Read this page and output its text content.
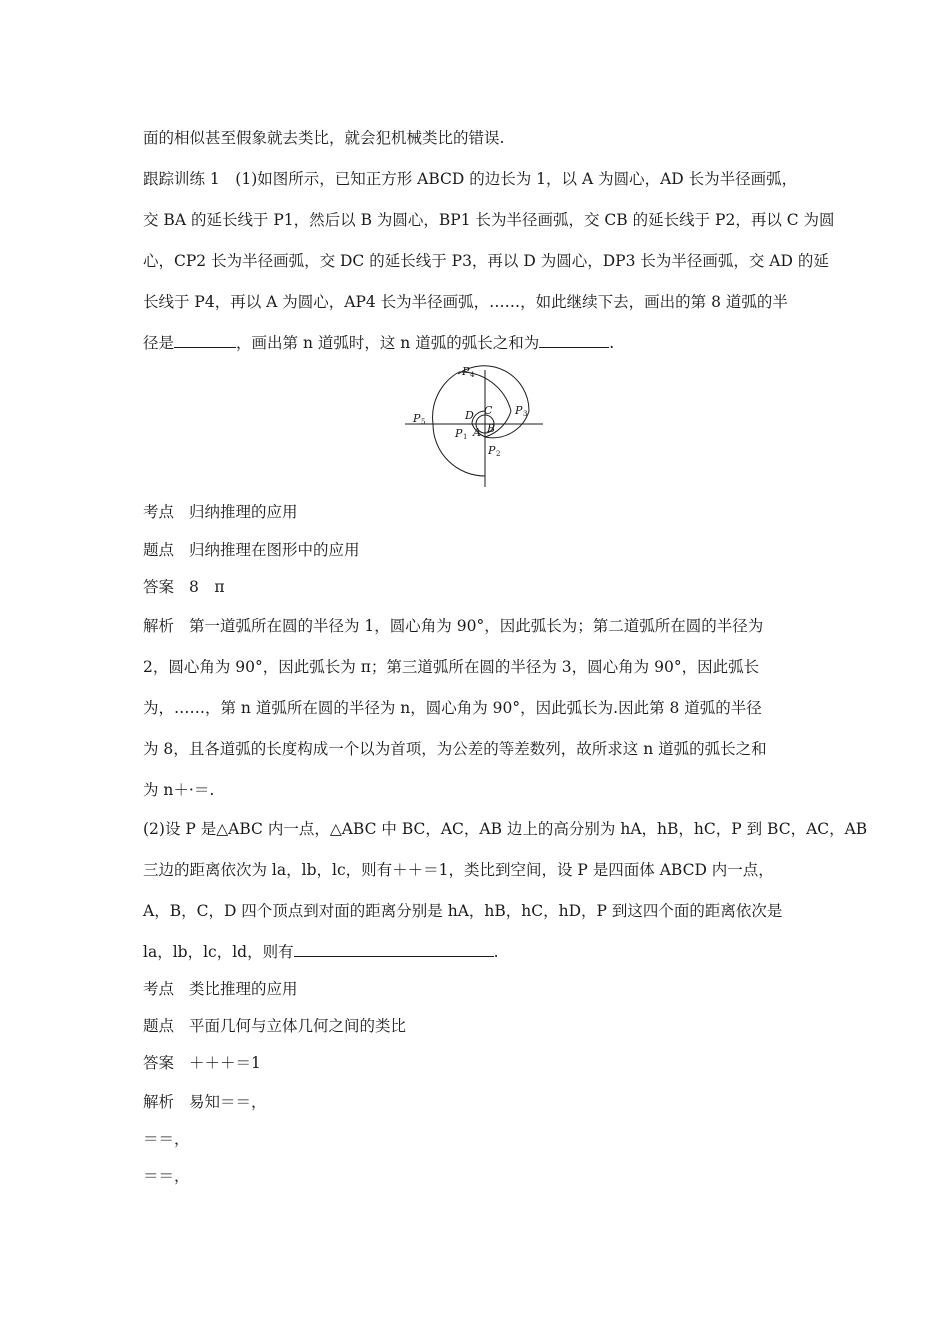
面的相似甚至假象就去类比，就会犯机械类比的错误.
跟踪训练 1　(1)如图所示，已知正方形 ABCD 的边长为 1，以 A 为圆心，AD 长为半径画弧，
交 BA 的延长线于 P1，然后以 B 为圆心，BP1 长为半径画弧，交 CB 的延长线于 P2，再以 C 为圆
心，CP2 长为半径画弧，交 DC 的延长线于 P3，再以 D 为圆心，DP3 长为半径画弧，交 AD 的延
长线于 P4，再以 A 为圆心，AP4 长为半径画弧，……，如此继续下去，画出的第 8 道弧的半
径是	，画出第 n 道弧时，这 n 道弧的弧长之和为	.
P 4
P 3
P 5
P 1
P 2
D C
A B
考点 归纳推理的应用
题点 归纳推理在图形中的应用
答案 8　π
解析 第一道弧所在圆的半径为 1，圆心角为 90°，因此弧长为；第二道弧所在圆的半径为
2，圆心角为 90°，因此弧长为 π；第三道弧所在圆的半径为 3，圆心角为 90°，因此弧长
为，……，第 n 道弧所在圆的半径为 n，圆心角为 90°，因此弧长为.因此第 8 道弧的半径
为 8，且各道弧的长度构成一个以为首项，为公差的等差数列，故所求这 n 道弧的弧长之和
为 n＋·＝.
(2)设 P 是△ABC 内一点，△ABC 中 BC，AC，AB 边上的高分别为 hA，hB，hC，P 到 BC，AC，AB
三边的距离依次为 la，lb，lc，则有＋＋＝1，类比到空间，设 P 是四面体 ABCD 内一点，
A，B，C，D 四个顶点到对面的距离分别是 hA，hB，hC，hD，P 到这四个面的距离依次是
la，lb，lc，ld，则有	.
考点 类比推理的应用
题点 平面几何与立体几何之间的类比
答案 ＋＋＋＝1
解析 易知＝＝，
＝＝，
＝＝，
